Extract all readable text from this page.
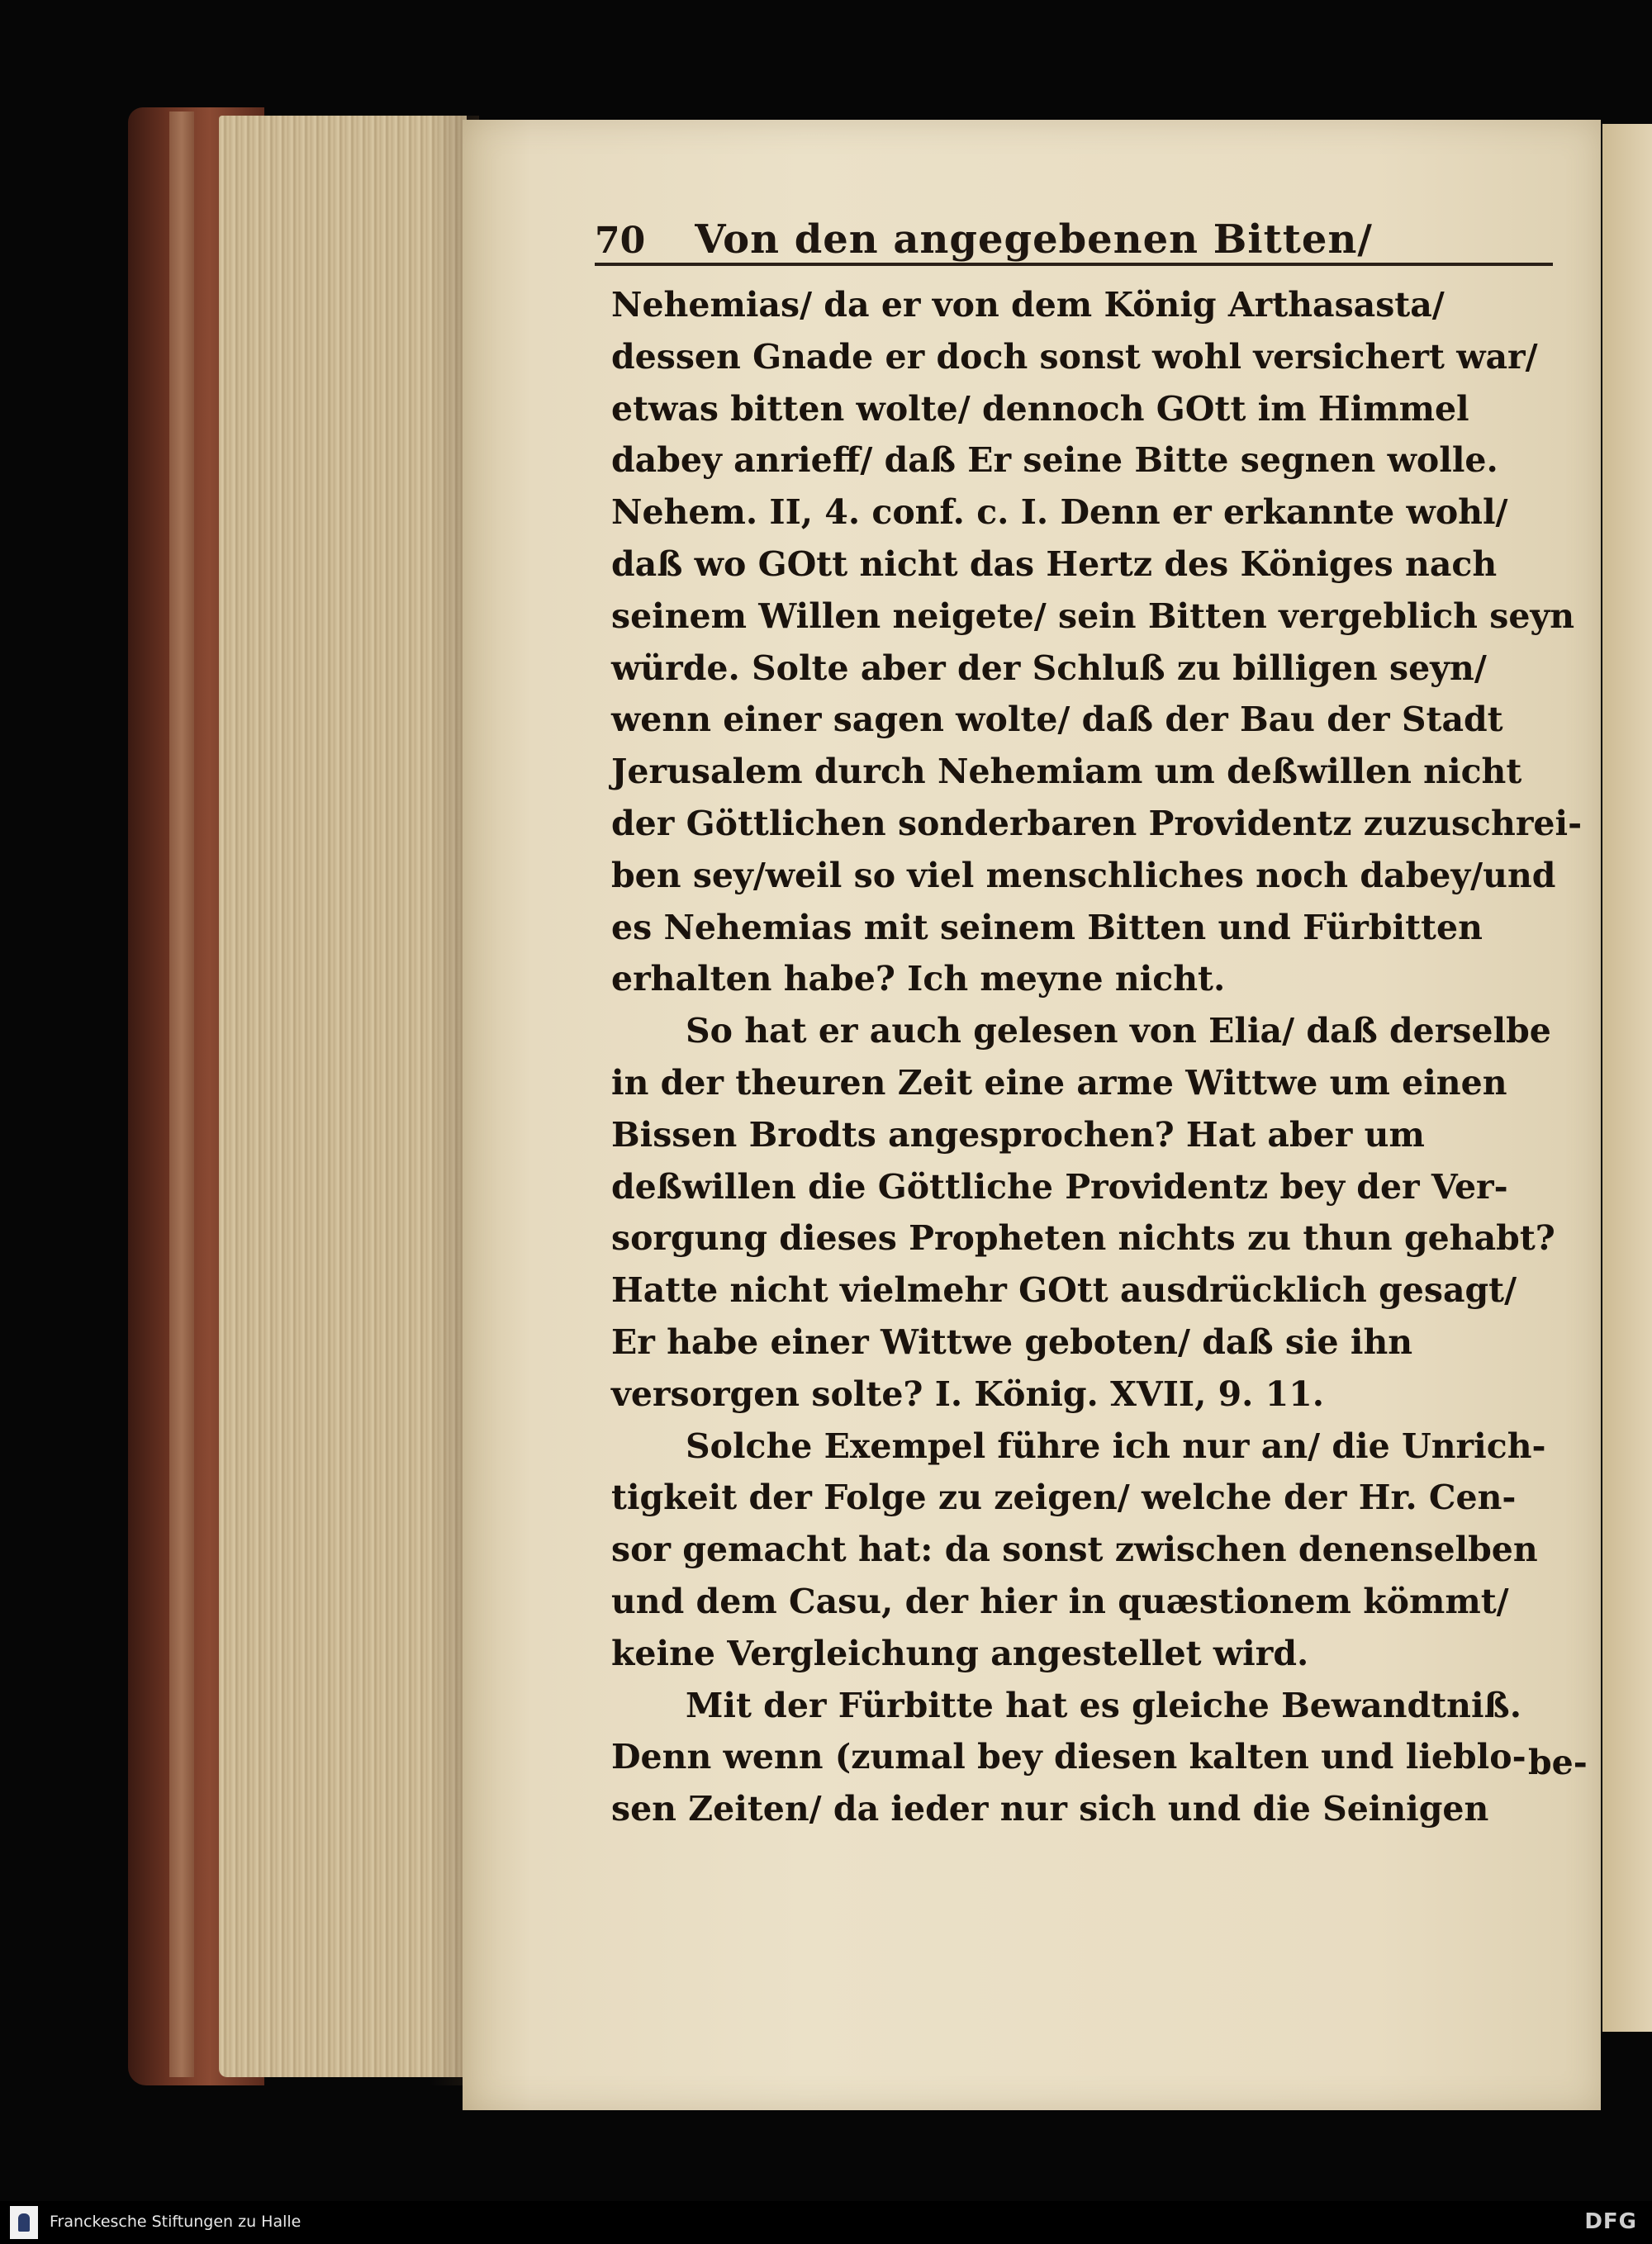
70 Von den angegebenen Bitten/
Nehemias/ da er von dem König Arthasasta/
dessen Gnade er doch sonst wohl versichert war/
etwas bitten wolte/ dennoch GOtt im Himmel
dabey anrieff/ daß Er seine Bitte segnen wolle.
Nehem. II, 4. conf. c. I. Denn er erkannte wohl/
daß wo GOtt nicht das Hertz des Königes nach
seinem Willen neigete/ sein Bitten vergeblich seyn
würde. Solte aber der Schluß zu billigen seyn/
wenn einer sagen wolte/ daß der Bau der Stadt
Jerusalem durch Nehemiam um deßwillen nicht
der Göttlichen sonderbaren Providentz zuzuschrei-
ben sey/weil so viel menschliches noch dabey/und
es Nehemias mit seinem Bitten und Fürbitten
erhalten habe? Ich meyne nicht.
So hat er auch gelesen von Elia/ daß derselbe
in der theuren Zeit eine arme Wittwe um einen
Bissen Brodts angesprochen? Hat aber um
deßwillen die Göttliche Providentz bey der Ver-
sorgung dieses Propheten nichts zu thun gehabt?
Hatte nicht vielmehr GOtt ausdrücklich gesagt/
Er habe einer Wittwe geboten/ daß sie ihn
versorgen solte? I. König. XVII, 9. 11.
Solche Exempel führe ich nur an/ die Unrich-
tigkeit der Folge zu zeigen/ welche der Hr. Cen-
sor gemacht hat: da sonst zwischen denenselben
und dem Casu, der hier in quæstionem kömmt/
keine Vergleichung angestellet wird.
Mit der Fürbitte hat es gleiche Bewandtniß.
Denn wenn (zumal bey diesen kalten und lieblo-
sen Zeiten/ da ieder nur sich und die Seinigen
be-
Franckesche Stiftungen zu Halle	DFG
